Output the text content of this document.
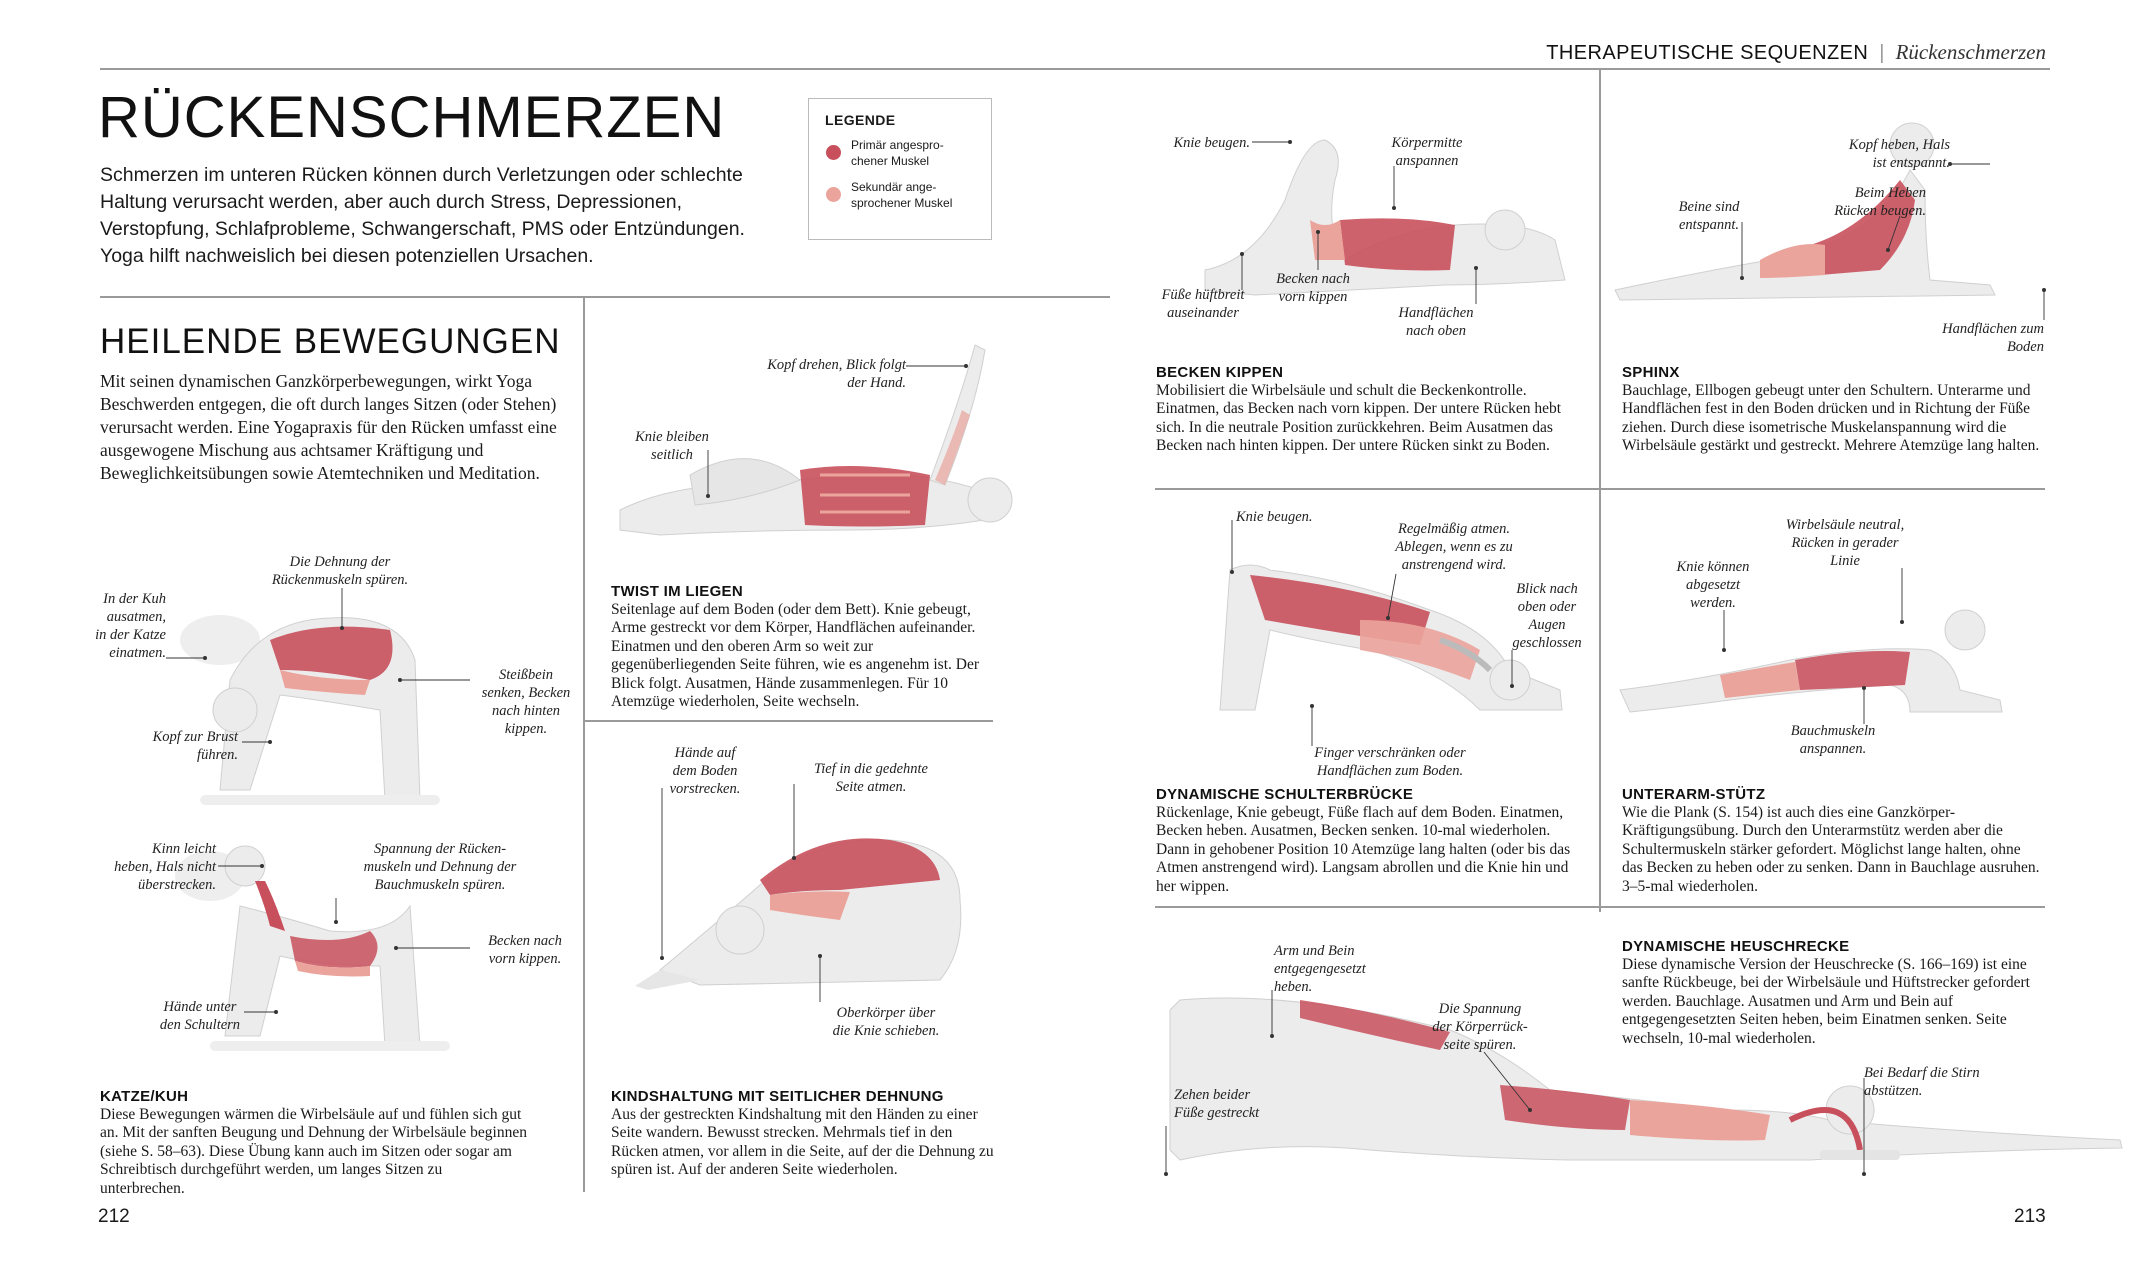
THERAPEUTISCHE SEQUENZEN | Rückenschmerzen
RÜCKENSCHMERZEN
Schmerzen im unteren Rücken können durch Verletzungen oder schlechte Haltung verursacht werden, aber auch durch Stress, Depressionen, Verstopfung, Schlafprobleme, Schwangerschaft, PMS oder Entzündungen. Yoga hilft nachweislich bei diesen potenziellen Ursachen.
LEGENDE
Primär angespro-
chener Muskel
Sekundär ange-
sprochener Muskel
HEILENDE BEWEGUNGEN
Mit seinen dynamischen Ganzkörperbewegungen, wirkt Yoga Beschwerden entgegen, die oft durch langes Sitzen (oder Stehen) verursacht werden. Eine Yogapraxis für den Rücken umfasst eine ausgewogene Mischung aus achtsamer Kräftigung und Beweglichkeitsübungen sowie Atemtechniken und Meditation.
Die Dehnung der
Rückenmuskeln spüren.
In der Kuh
ausatmen,
in der Katze
einatmen.
Steißbein
senken, Becken
nach hinten
kippen.
Kopf zur Brust
führen.
Kinn leicht
heben, Hals nicht
überstrecken.
Spannung der Rücken-
muskeln und Dehnung der
Bauchmuskeln spüren.
Becken nach
vorn kippen.
Hände unter
den Schultern
KATZE/KUH
Diese Bewegungen wärmen die Wirbelsäule auf und fühlen sich gut an. Mit der sanften Beugung und Dehnung der Wirbelsäule beginnen (siehe S. 58–63). Diese Übung kann auch im Sitzen oder sogar am Schreibtisch durchgeführt werden, um langes Sitzen zu unterbrechen.
212
Kopf drehen, Blick folgt
der Hand.
Knie bleiben
seitlich
TWIST IM LIEGEN
Seitenlage auf dem Boden (oder dem Bett). Knie gebeugt, Arme gestreckt vor dem Körper, Handflächen aufeinander. Einatmen und den oberen Arm so weit zur gegenüberliegenden Seite führen, wie es angenehm ist. Der Blick folgt. Ausatmen, Hände zusammenlegen. Für 10 Atemzüge wiederholen, Seite wechseln.
Hände auf
dem Boden
vorstrecken.
Tief in die gedehnte
Seite atmen.
Oberkörper über
die Knie schieben.
KINDSHALTUNG MIT SEITLICHER DEHNUNG
Aus der gestreckten Kindshaltung mit den Händen zu einer Seite wandern. Bewusst strecken. Mehrmals tief in den Rücken atmen, vor allem in die Seite, auf der die Dehnung zu spüren ist. Auf der anderen Seite wiederholen.
Knie beugen.	Körpermitte
anspannen
Füße hüftbreit
auseinander
Becken nach
vorn kippen
Handflächen
nach oben
BECKEN KIPPEN
Mobilisiert die Wirbelsäule und schult die Beckenkontrolle. Einatmen, das Becken nach vorn kippen. Der untere Rücken hebt sich. In die neutrale Position zurückkehren. Beim Ausatmen das Becken nach hinten kippen. Der untere Rücken sinkt zu Boden.
Kopf heben, Hals
ist entspannt.
Beim Heben
Rücken beugen.
Beine sind
entspannt.
Handflächen zum
Boden
SPHINX
Bauchlage, Ellbogen gebeugt unter den Schultern. Unterarme und Handflächen fest in den Boden drücken und in Richtung der Füße ziehen. Durch diese isometrische Muskelanspannung wird die Wirbelsäule gestärkt und gestreckt. Mehrere Atemzüge lang halten.
Knie beugen.
Regelmäßig atmen.
Ablegen, wenn es zu
anstrengend wird.
Blick nach
oben oder
Augen
geschlossen
Finger verschränken oder
Handflächen zum Boden.
DYNAMISCHE SCHULTERBRÜCKE
Rückenlage, Knie gebeugt, Füße flach auf dem Boden. Einatmen, Becken heben. Ausatmen, Becken senken. 10-mal wiederholen. Dann in gehobener Position 10 Atemzüge lang halten (oder bis das Atmen anstrengend wird). Langsam abrollen und die Knie hin und her wippen.
Wirbelsäule neutral,
Rücken in gerader
Linie
Knie können
abgesetzt
werden.
Bauchmuskeln
anspannen.
UNTERARM-STÜTZ
Wie die Plank (S. 154) ist auch dies eine Ganzkörper-Kräftigungsübung. Durch den Unterarmstütz werden aber die Schultermuskeln stärker gefordert. Möglichst lange halten, ohne das Becken zu heben oder zu senken. Dann in Bauchlage ausruhen. 3–5-mal wiederholen.
Arm und Bein
entgegengesetzt
heben.
Die Spannung
der Körperrück-
seite spüren.
Zehen beider
Füße gestreckt
Bei Bedarf die Stirn
abstützen.
DYNAMISCHE HEUSCHRECKE
Diese dynamische Version der Heuschrecke (S. 166–169) ist eine sanfte Rückbeuge, bei der Wirbelsäule und Hüftstrecker gefordert werden. Bauchlage. Ausatmen und Arm und Bein auf entgegengesetzten Seiten heben, beim Einatmen senken. Seite wechseln, 10-mal wiederholen.
213
